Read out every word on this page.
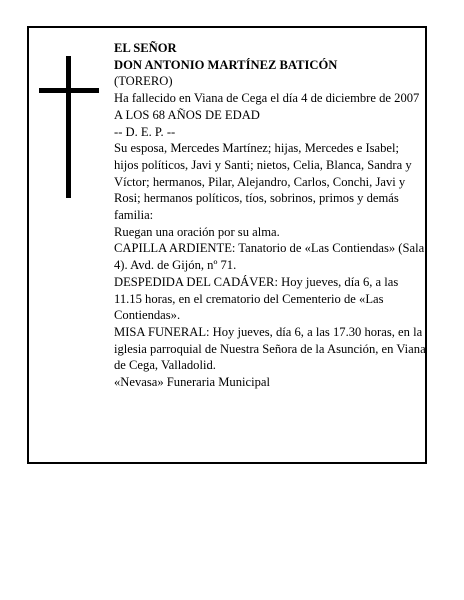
EL SEÑOR

DON ANTONIO MARTÍNEZ BATICÓN

(TORERO)

Ha fallecido en Viana de Cega el día 4 de diciembre de 2007

A LOS 68 AÑOS DE EDAD

-- D. E. P. --

Su esposa, Mercedes Martínez; hijas, Mercedes e Isabel; hijos políticos, Javi y Santi; nietos, Celia, Blanca, Sandra y Víctor; hermanos, Pilar, Alejandro, Carlos, Conchi, Javi y Rosi; hermanos políticos, tíos, sobrinos, primos y demás familia:

Ruegan una oración por su alma.

CAPILLA ARDIENTE: Tanatorio de «Las Contiendas» (Sala 4). Avd. de Gijón, nº 71.

DESPEDIDA DEL CADÁVER: Hoy jueves, día 6, a las 11.15 horas, en el crematorio del Cementerio de «Las Contiendas».

MISA FUNERAL: Hoy jueves, día 6, a las 17.30 horas, en la iglesia parroquial de Nuestra Señora de la Asunción, en Viana de Cega, Valladolid.

«Nevasa» Funeraria Municipal
